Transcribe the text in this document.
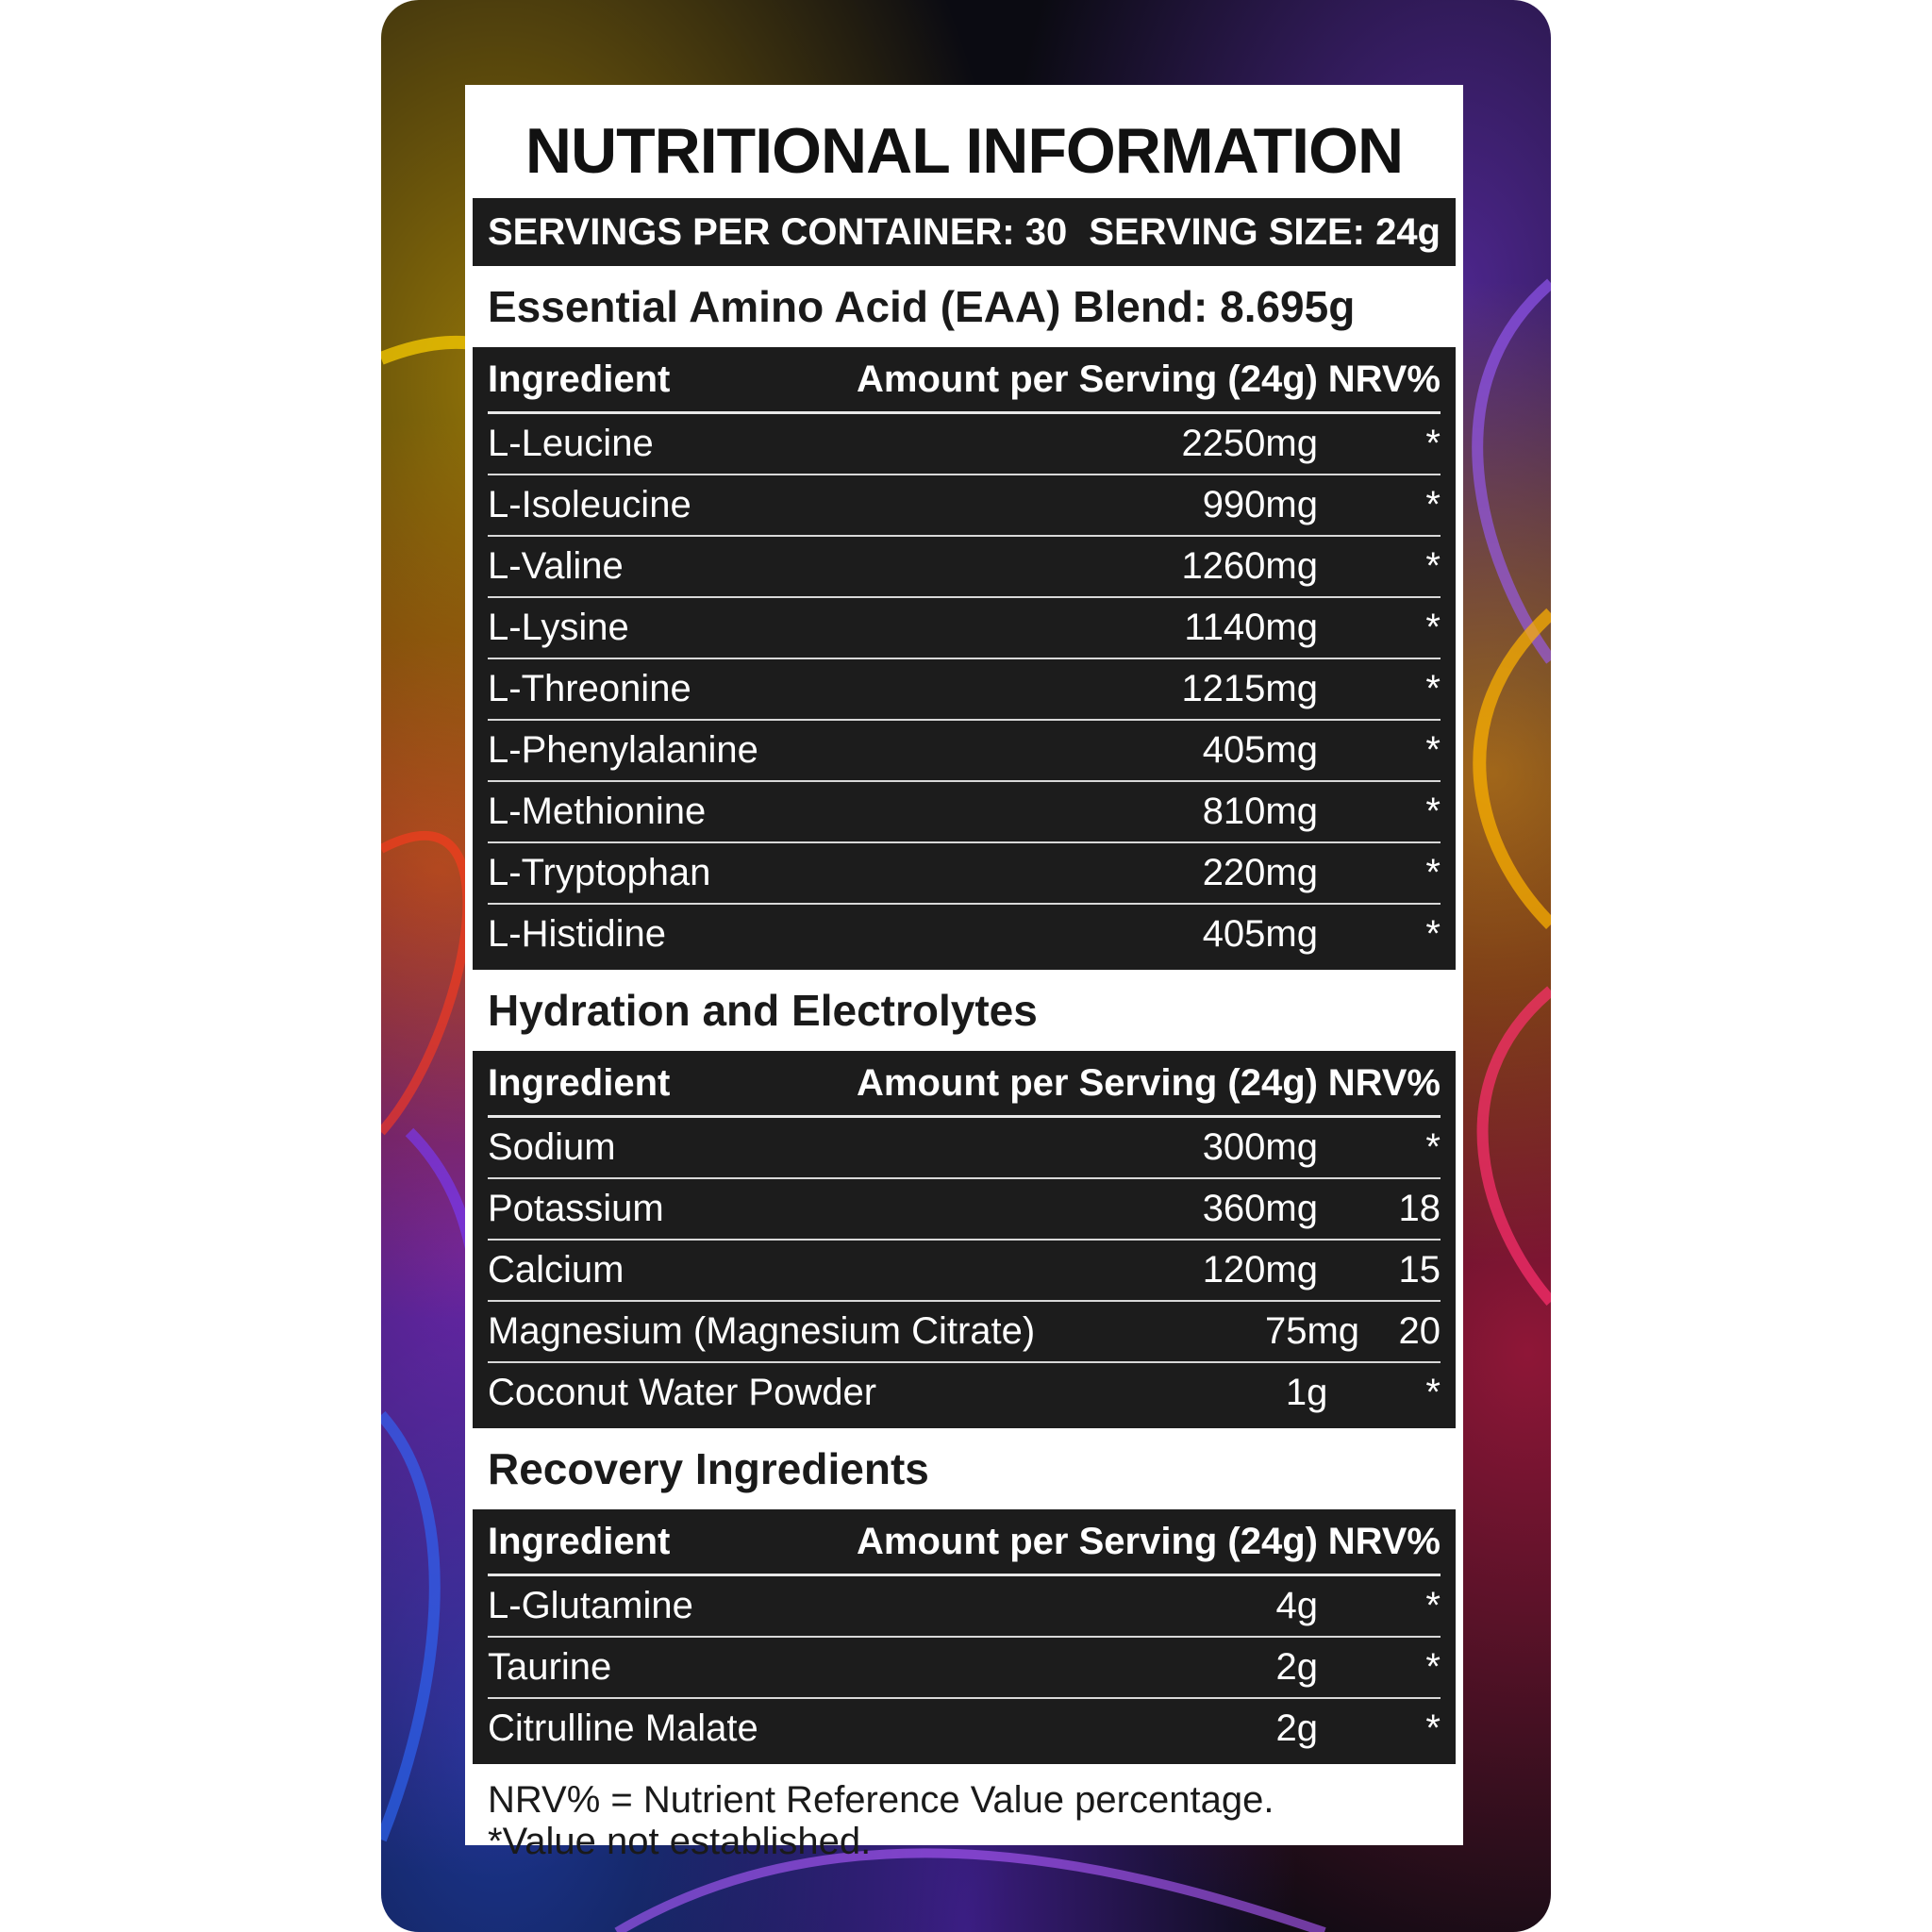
NUTRITIONAL INFORMATION
SERVINGS PER CONTAINER: 30 SERVING SIZE: 24g
Essential Amino Acid (EAA) Blend: 8.695g
Ingredient	Amount per Serving (24g) NRV%
L-Leucine	2250mg	*
L-Isoleucine	990mg	*
L-Valine	1260mg	*
L-Lysine	1140mg	*
L-Threonine	1215mg	*
L-Phenylalanine	405mg	*
L-Methionine	810mg	*
L-Tryptophan	220mg	*
L-Histidine	405mg	*
Hydration and Electrolytes
Ingredient	Amount per Serving (24g) NRV%
Sodium	300mg	*
Potassium	360mg	18
Calcium	120mg	15
Magnesium (Magnesium Citrate)	75mg	20
Coconut Water Powder	1g	*
Recovery Ingredients
Ingredient	Amount per Serving (24g) NRV%
L-Glutamine	4g	*
Taurine	2g	*
Citrulline Malate	2g	*
NRV% = Nutrient Reference Value percentage.
*Value not established.
